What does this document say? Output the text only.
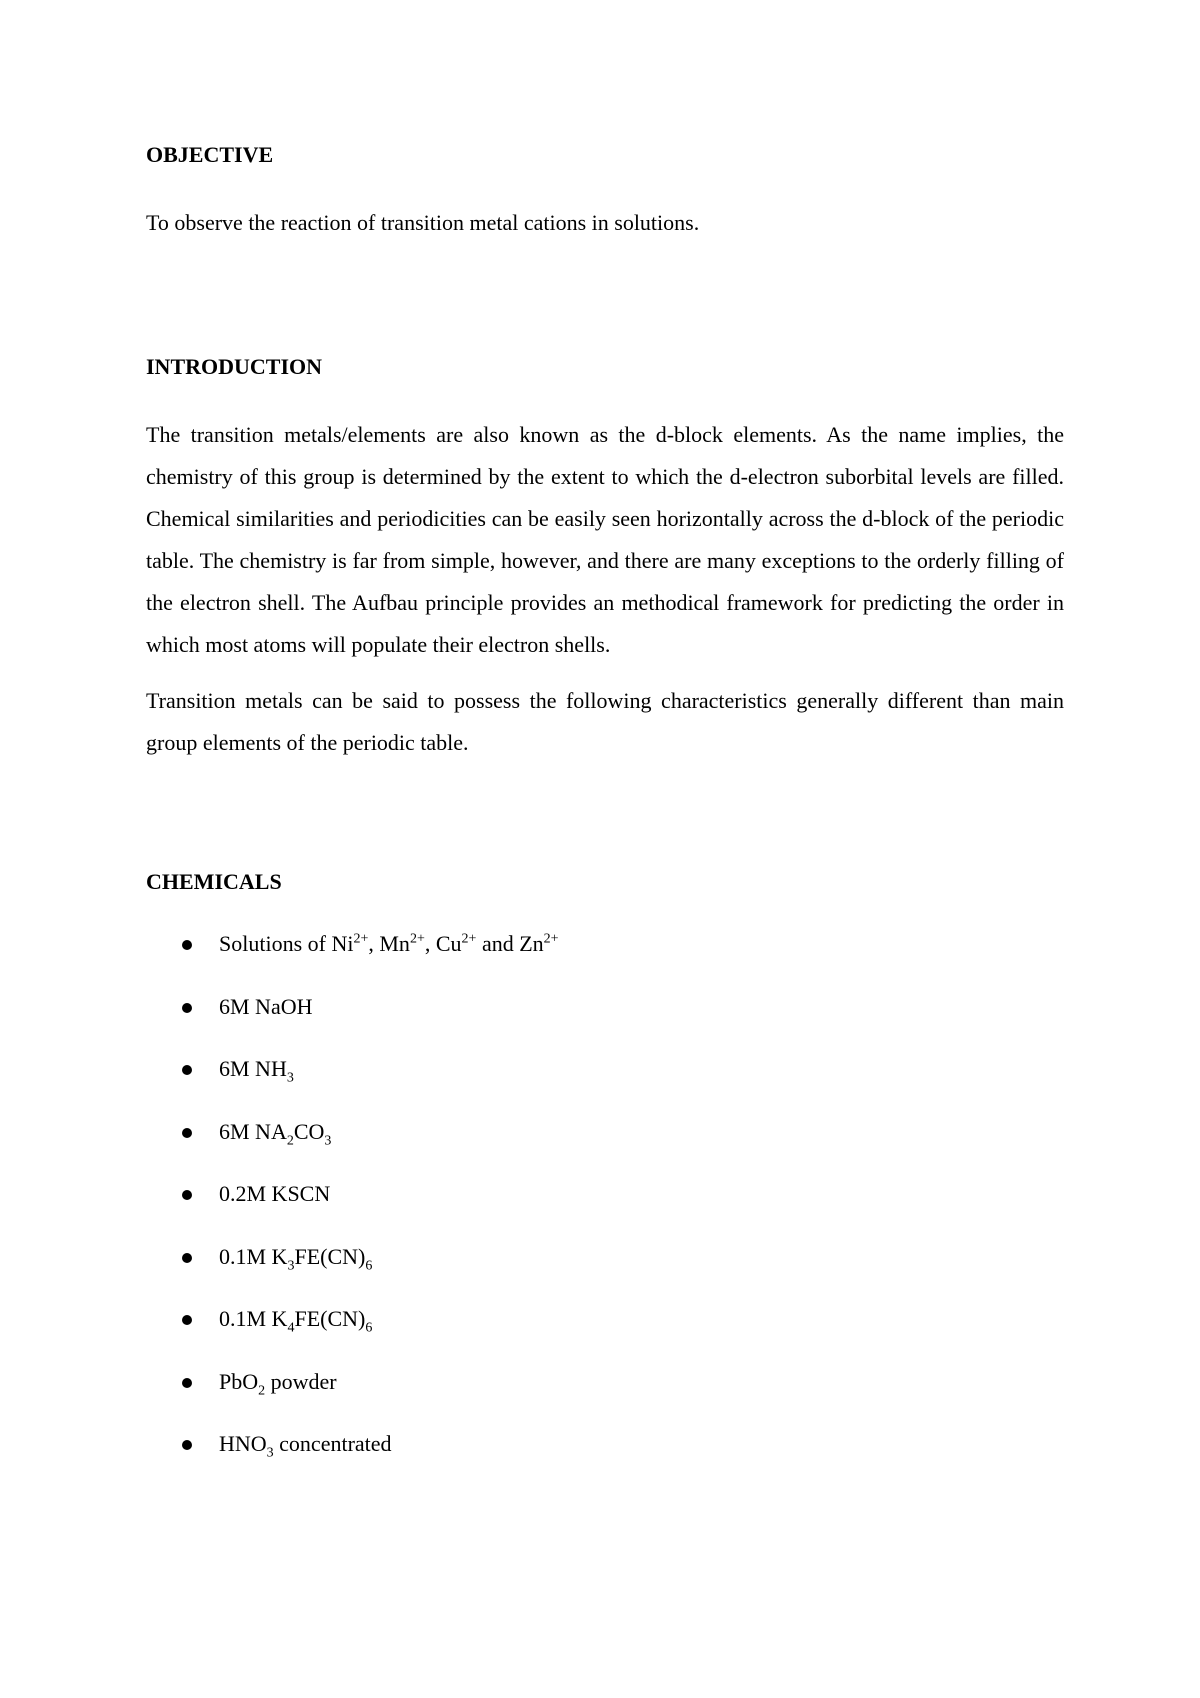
OBJECTIVE

To observe the reaction of transition metal cations in solutions.

INTRODUCTION

The transition metals/elements are also known as the d-block elements. As the name implies, the chemistry of this group is determined by the extent to which the d-electron suborbital levels are filled. Chemical similarities and periodicities can be easily seen horizontally across the d-block of the periodic table. The chemistry is far from simple, however, and there are many exceptions to the orderly filling of the electron shell. The Aufbau principle provides an methodical framework for predicting the order in which most atoms will populate their electron shells.

Transition metals can be said to possess the following characteristics generally different than main group elements of the periodic table.

CHEMICALS
Solutions of $Ni^{2+}$, $Mn^{2+}$, $Cu^{2+}$ and $Zn^{2+}$
6M NaOH
6M $NH_3$
6M $NA_2CO_3$
0.2M KSCN
0.1M $K_3FE(CN)_6$
0.1M $K_4FE(CN)_6$
PbO$_2$ powder
$HNO_3$ concentrated
